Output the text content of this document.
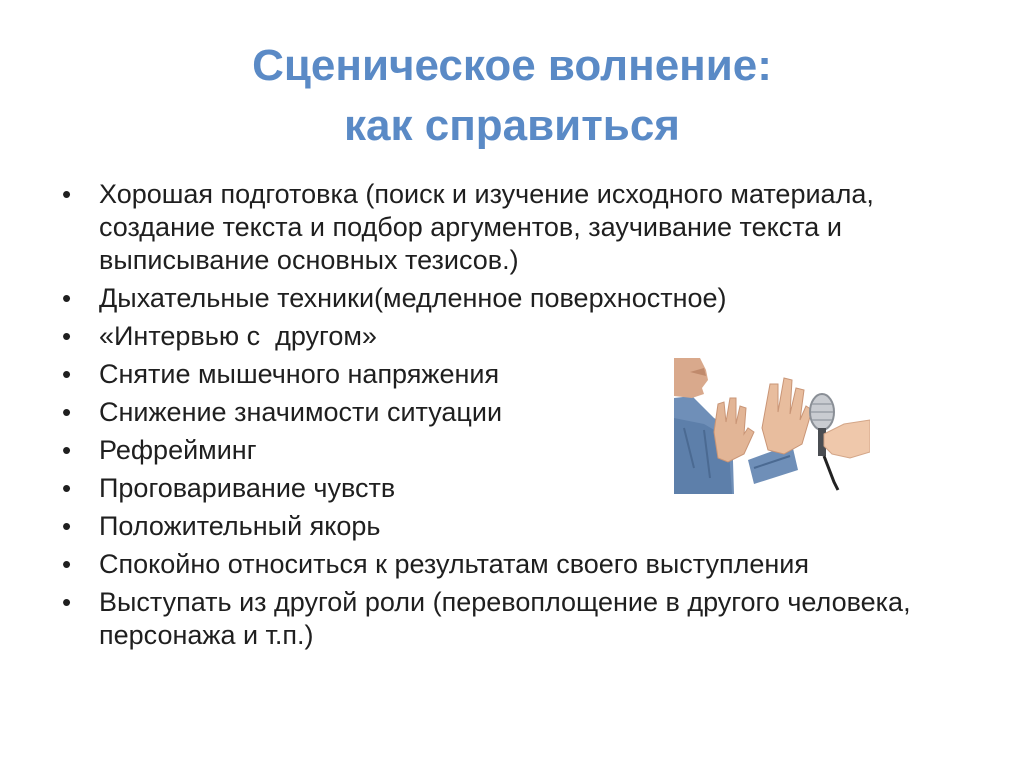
Сценическое волнение:
как справиться
• Хорошая подготовка (поиск и изучение исходного материала, создание текста и подбор аргументов, заучивание текста и выписывание основных тезисов.)
• Дыхательные техники(медленное поверхностное)
• «Интервью с  другом»
• Снятие мышечного напряжения
• Снижение значимости ситуации
• Рефрейминг
• Проговаривание чувств
• Положительный якорь
• Спокойно относиться к результатам своего выступления
• Выступать из другой роли (перевоплощение в другого человека, персонажа и т.п.)
